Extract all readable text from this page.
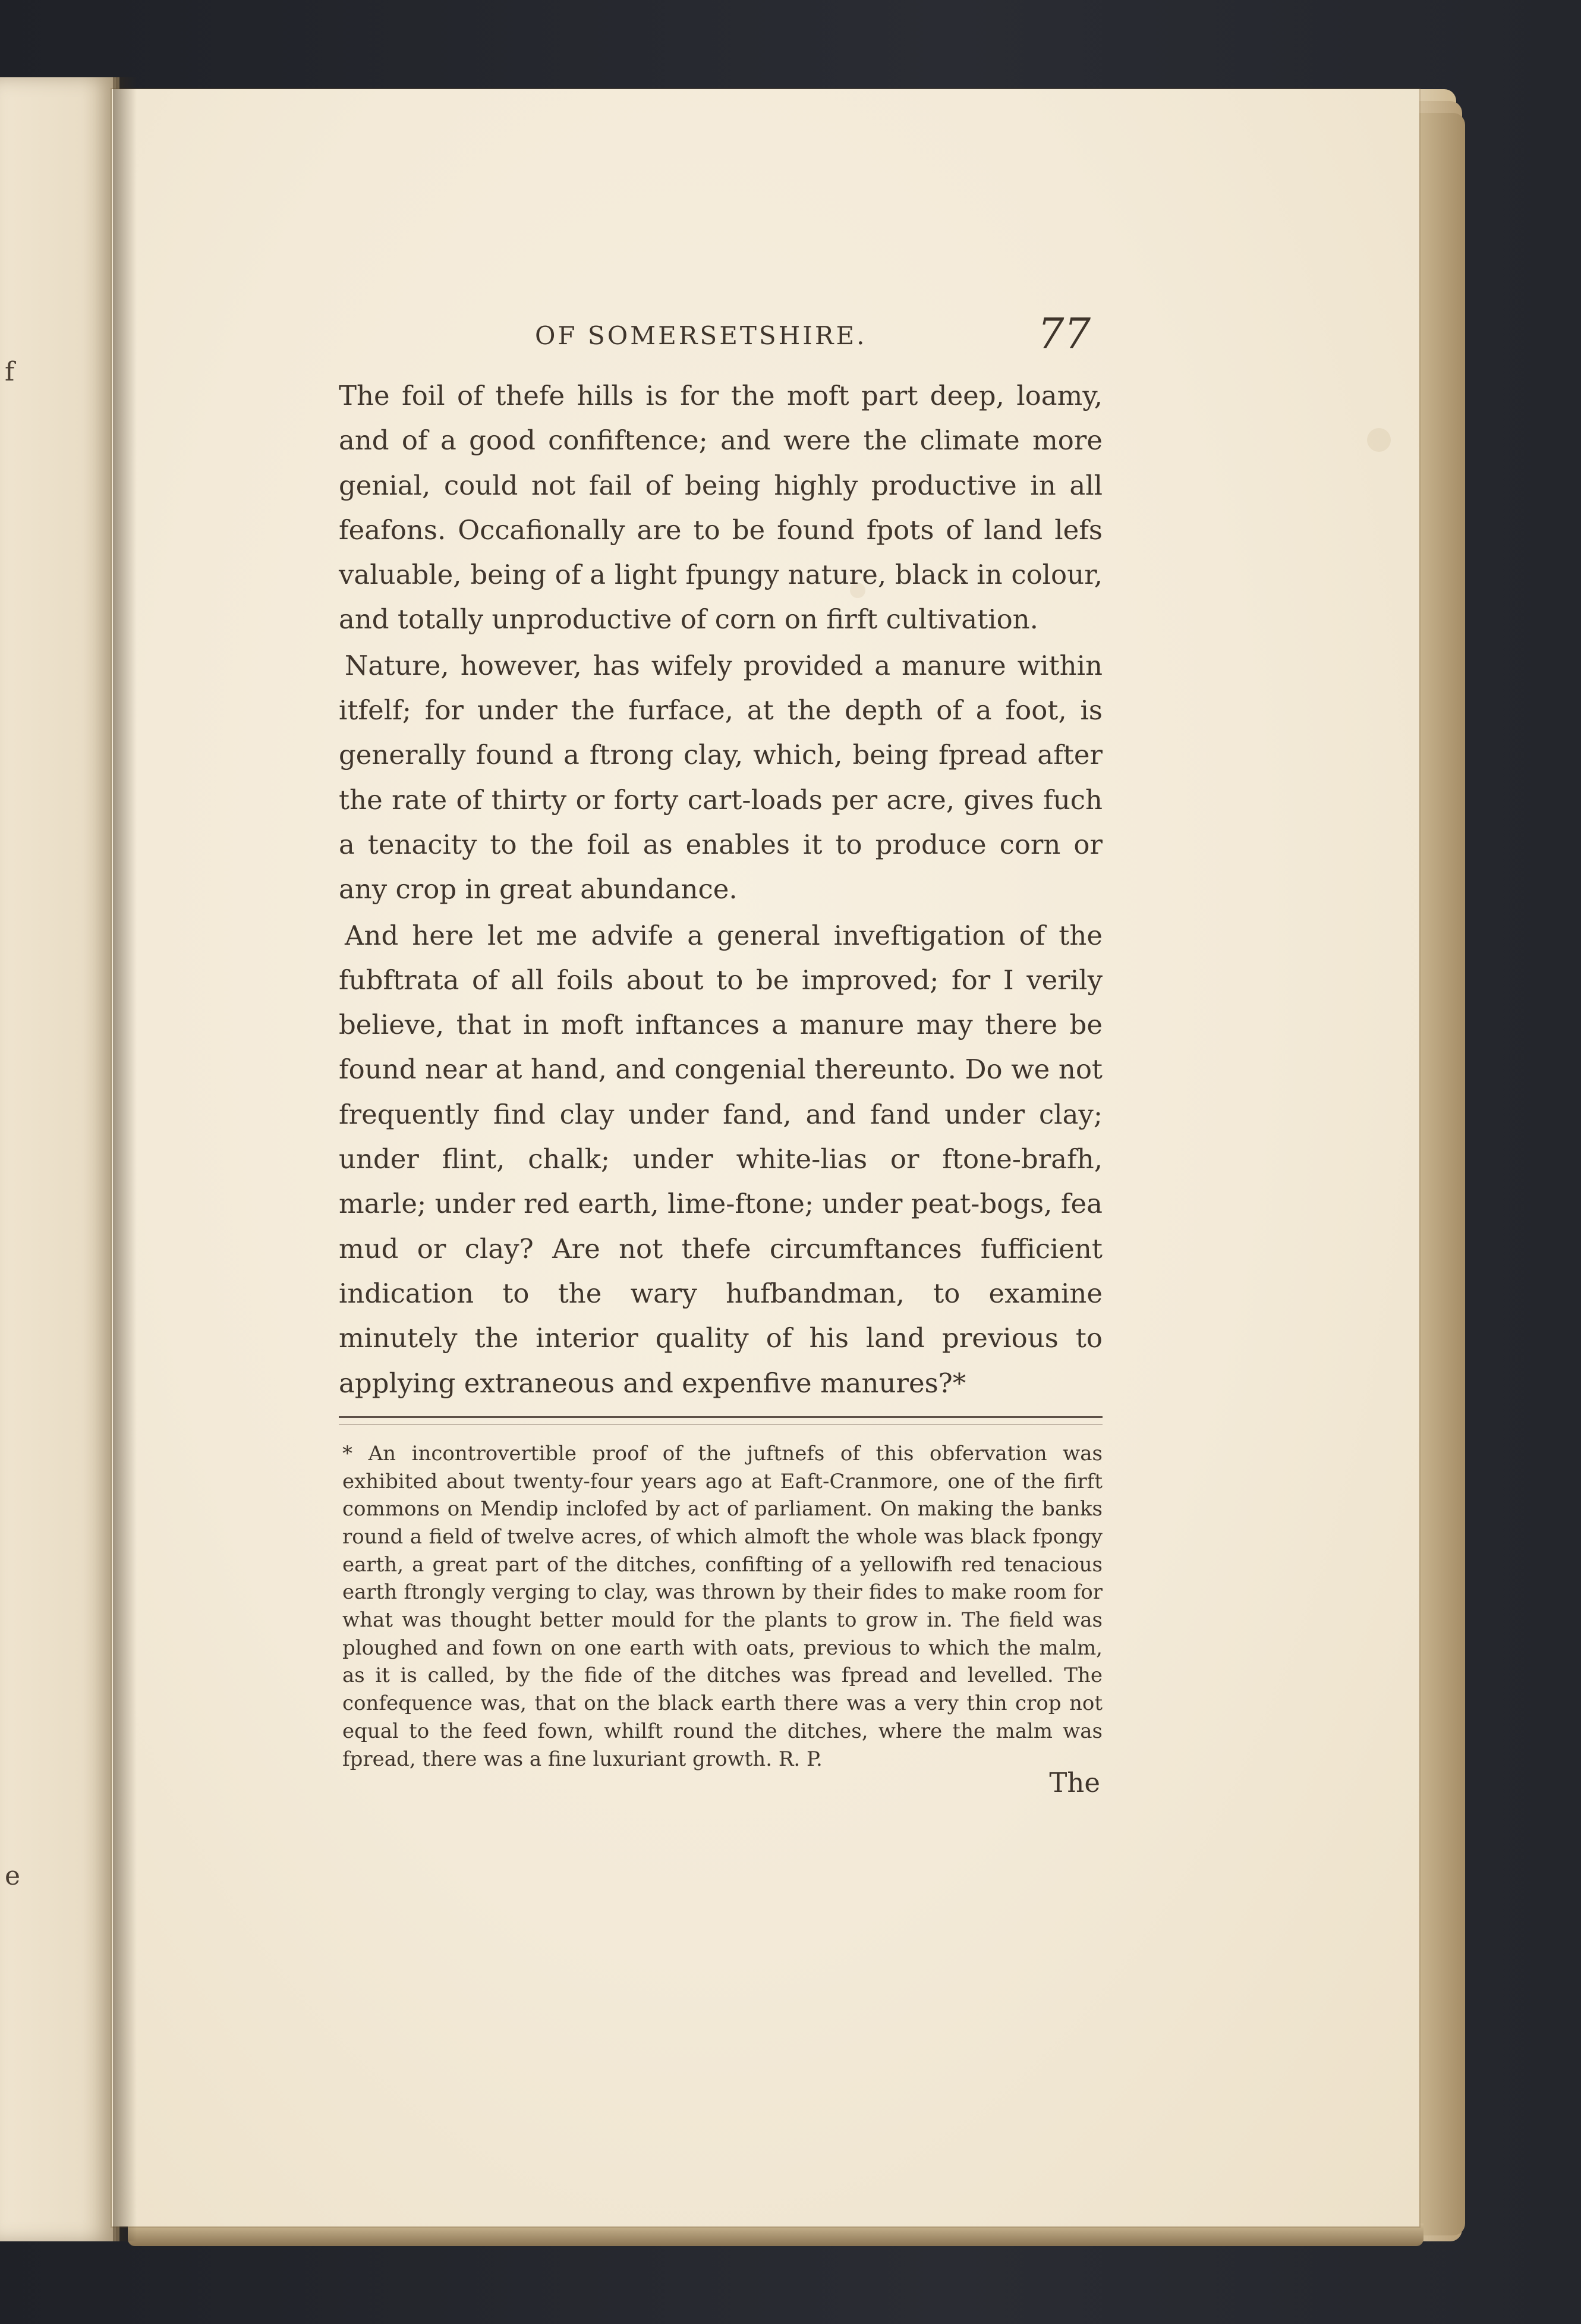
f
e
OF SOMERSETSHIRE.	77

The foil of thefe hills is for the moft part deep, loamy, and of a good confiftence; and were the climate more genial, could not fail of being highly productive in all feafons. Occafionally are to be found fpots of land lefs valuable, being of a light fpungy nature, black in colour, and totally unproductive of corn on firft cultivation.

Nature, however, has wifely provided a manure within itfelf; for under the furface, at the depth of a foot, is generally found a ftrong clay, which, being fpread after the rate of thirty or forty cart-loads per acre, gives fuch a tenacity to the foil as enables it to produce corn or any crop in great abundance.

And here let me advife a general inveftigation of the fubftrata of all foils about to be improved; for I verily believe, that in moft inftances a manure may there be found near at hand, and congenial thereunto. Do we not frequently find clay under fand, and fand under clay; under flint, chalk; under white-lias or ftone-brafh, marle; under red earth, lime-ftone; under peat-bogs, fea mud or clay? Are not thefe circumftances fufficient indication to the wary hufbandman, to examine minutely the interior quality of his land previous to applying extraneous and expenfive manures?*

* An incontrovertible proof of the juftnefs of this obfervation was exhibited about twenty-four years ago at Eaft-Cranmore, one of the firft commons on Mendip inclofed by act of parliament. On making the banks round a field of twelve acres, of which almoft the whole was black fpongy earth, a great part of the ditches, confifting of a yellowifh red tenacious earth ftrongly verging to clay, was thrown by their fides to make room for what was thought better mould for the plants to grow in. The field was ploughed and fown on one earth with oats, previous to which the malm, as it is called, by the fide of the ditches was fpread and levelled. The confequence was, that on the black earth there was a very thin crop not equal to the feed fown, whilft round the ditches, where the malm was fpread, there was a fine luxuriant growth. R. P.

The
